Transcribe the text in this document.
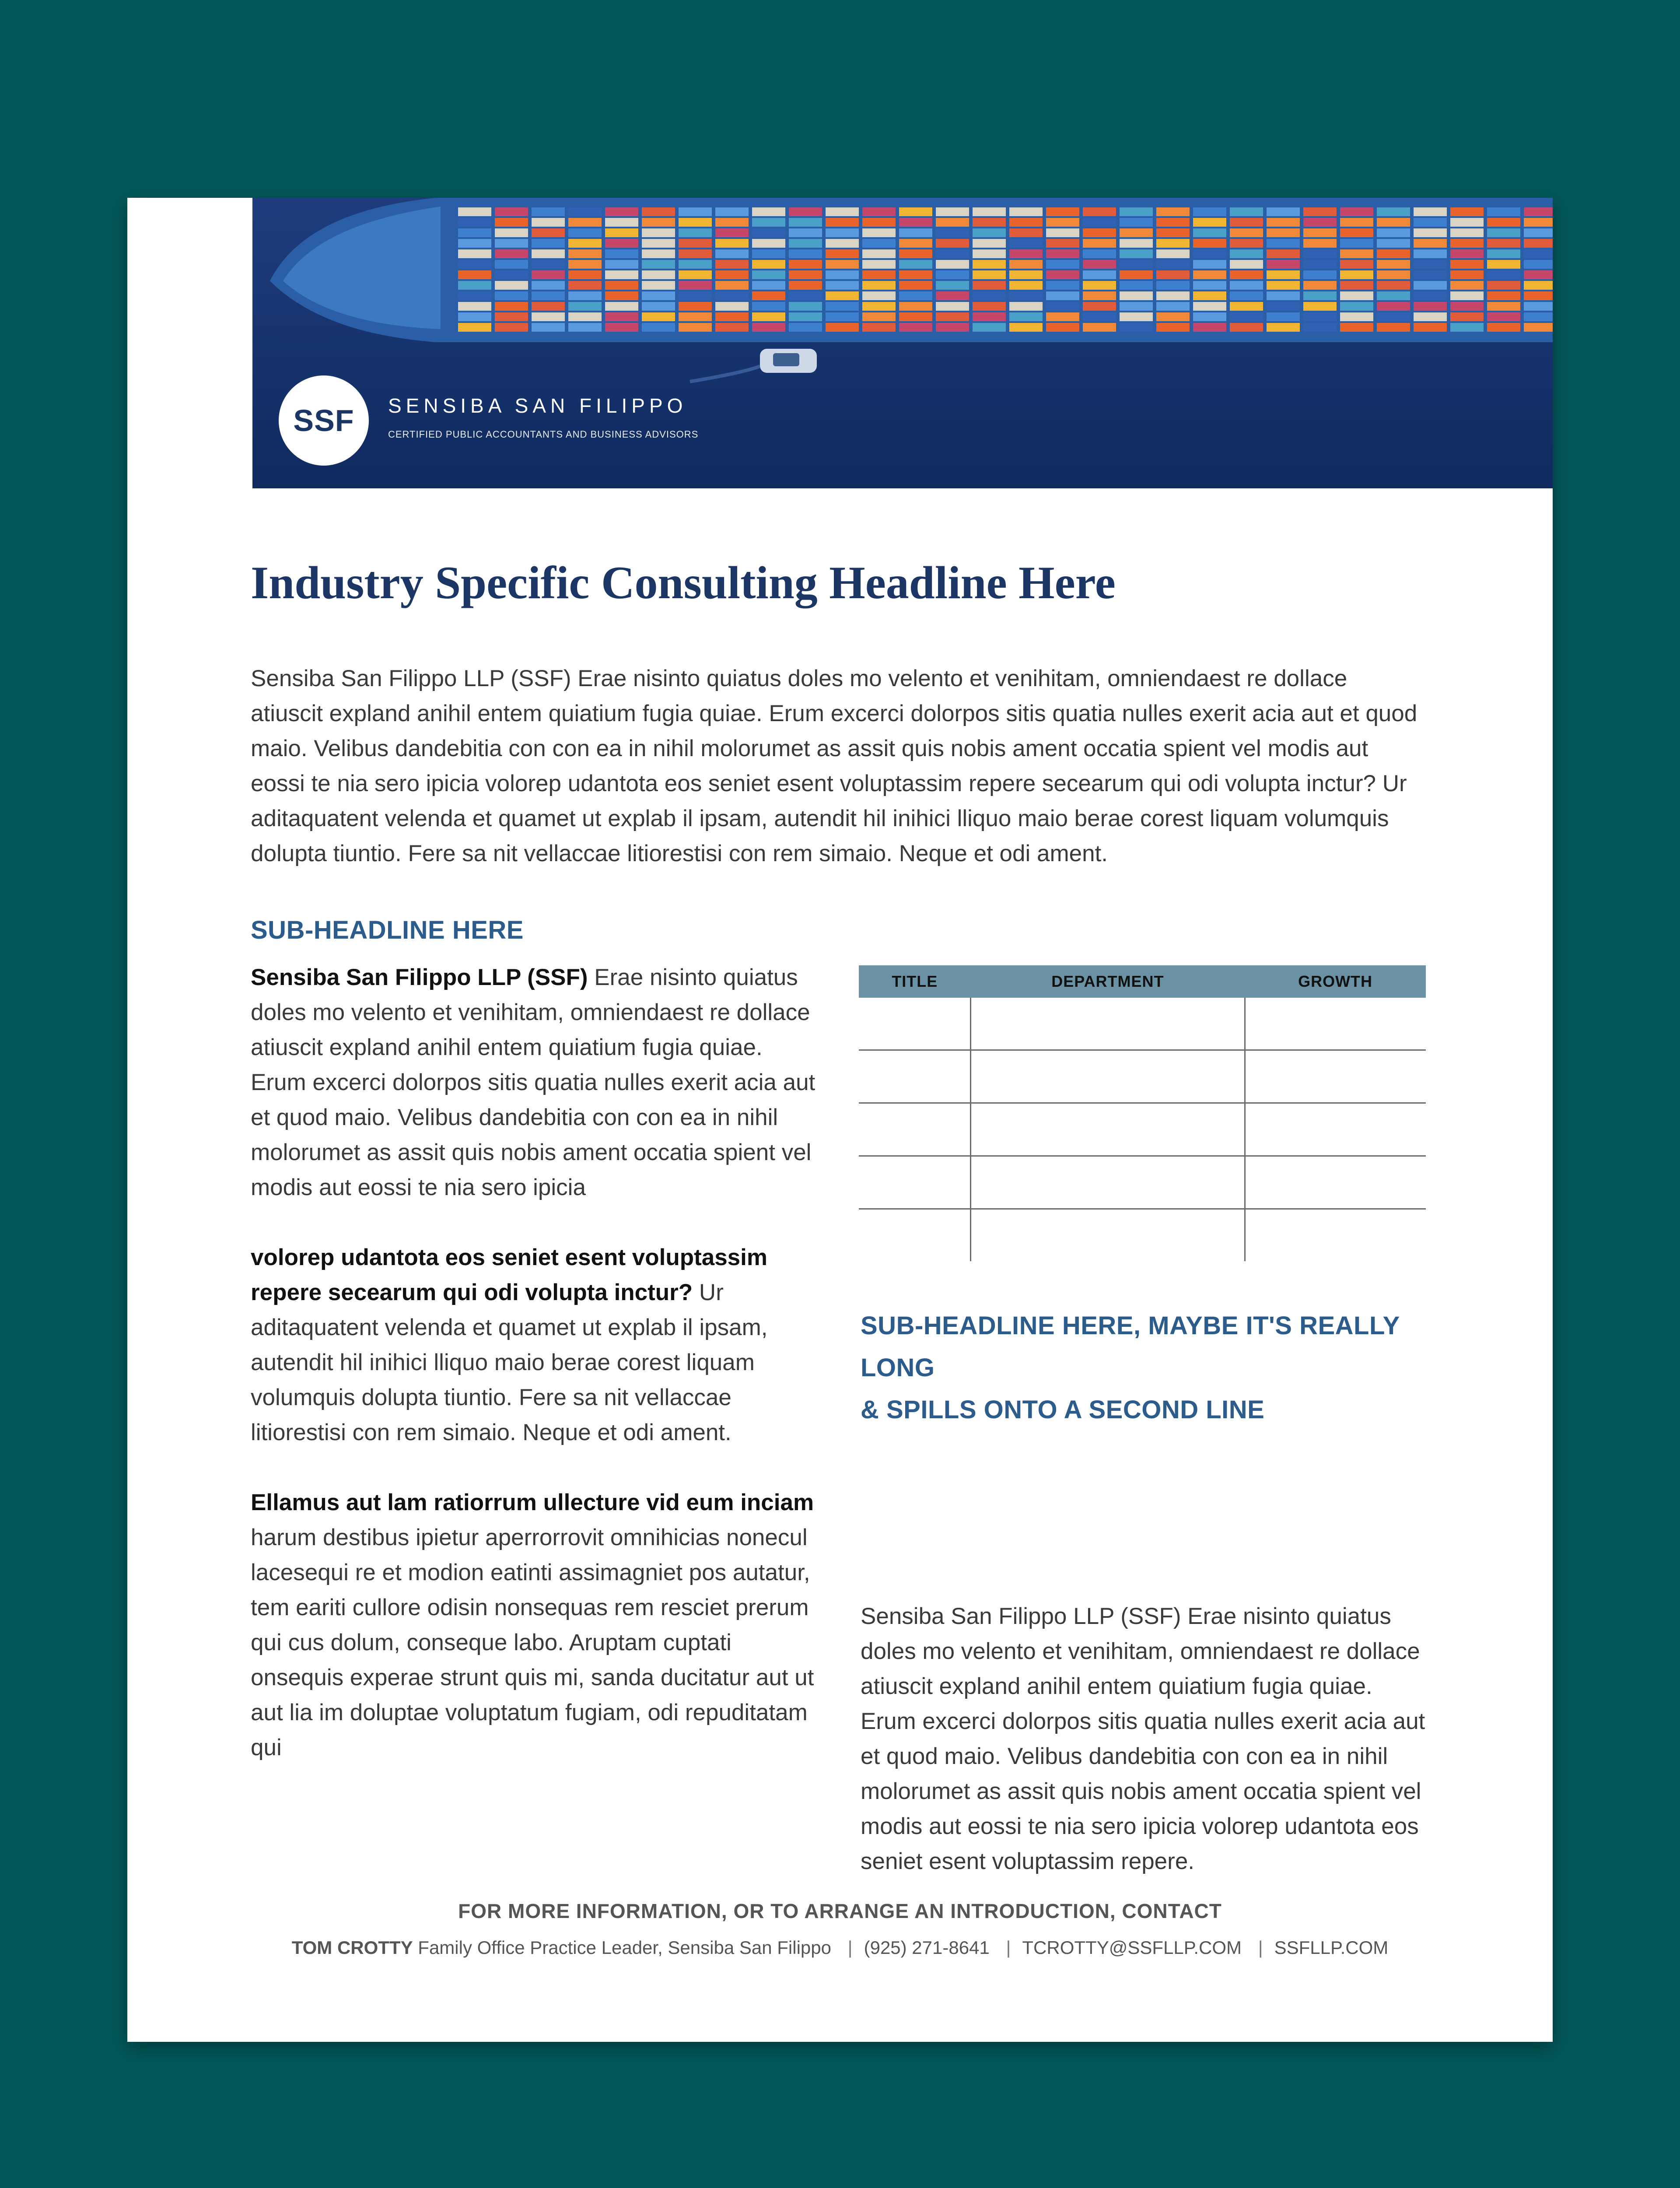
SSF SENSIBA SAN FILIPPO
CERTIFIED PUBLIC ACCOUNTANTS AND BUSINESS ADVISORS
Industry Specific Consulting Headline Here

Sensiba San Filippo LLP (SSF) Erae nisinto quiatus doles mo velento et venihitam, omniendaest re dollace atiuscit expland anihil entem quiatium fugia quiae. Erum excerci dolorpos sitis quatia nulles exerit acia aut et quod maio. Velibus dandebitia con con ea in nihil molorumet as assit quis nobis ament occatia spient vel modis aut eossi te nia sero ipicia volorep udantota eos seniet esent voluptassim repere secearum qui odi volupta inctur? Ur aditaquatent velenda et quamet ut explab il ipsam, autendit hil inihici lliquo maio berae corest liquam volumquis dolupta tiuntio. Fere sa nit vellaccae litiorestisi con rem simaio. Neque et odi ament.

SUB-HEADLINE HERE

Sensiba San Filippo LLP (SSF) Erae nisinto quiatus doles mo velento et venihitam, omniendaest re dollace atiuscit expland anihil entem quiatium fugia quiae. Erum excerci dolorpos sitis quatia nulles exerit acia aut et quod maio. Velibus dandebitia con con ea in nihil molorumet as assit quis nobis ament occatia spient vel modis aut eossi te nia sero ipicia

volorep udantota eos seniet esent voluptassim repere secearum qui odi volupta inctur? Ur aditaquatent velenda et quamet ut explab il ipsam, autendit hil inihici lliquo maio berae corest liquam volumquis dolupta tiuntio. Fere sa nit vellaccae litiorestisi con rem simaio. Neque et odi ament.

Ellamus aut lam ratiorrum ullecture vid eum inciam harum destibus ipietur aperrorrovit omnihicias nonecul lacesequi re et modion eatinti assimagniet pos autatur, tem eariti cullore odisin nonsequas rem resciet prerum qui cus dolum, conseque labo. Aruptam cuptati onsequis experae strunt quis mi, sanda ducitatur aut ut aut lia im doluptae voluptatum fugiam, odi repuditatam qui

TITLE	DEPARTMENT	GROWTH

SUB-HEADLINE HERE, MAYBE IT'S REALLY LONG
& SPILLS ONTO A SECOND LINE

Sensiba San Filippo LLP (SSF) Erae nisinto quiatus doles mo velento et venihitam, omniendaest re dollace atiuscit expland anihil entem quiatium fugia quiae. Erum excerci dolorpos sitis quatia nulles exerit acia aut et quod maio. Velibus dandebitia con con ea in nihil molorumet as assit quis nobis ament occatia spient vel modis aut eossi te nia sero ipicia volorep udantota eos seniet esent voluptassim repere.

FOR MORE INFORMATION, OR TO ARRANGE AN INTRODUCTION, CONTACT
TOM CROTTY Family Office Practice Leader, Sensiba San Filippo | (925) 271-8641 | TCROTTY@SSFLLP.COM | SSFLLP.COM
